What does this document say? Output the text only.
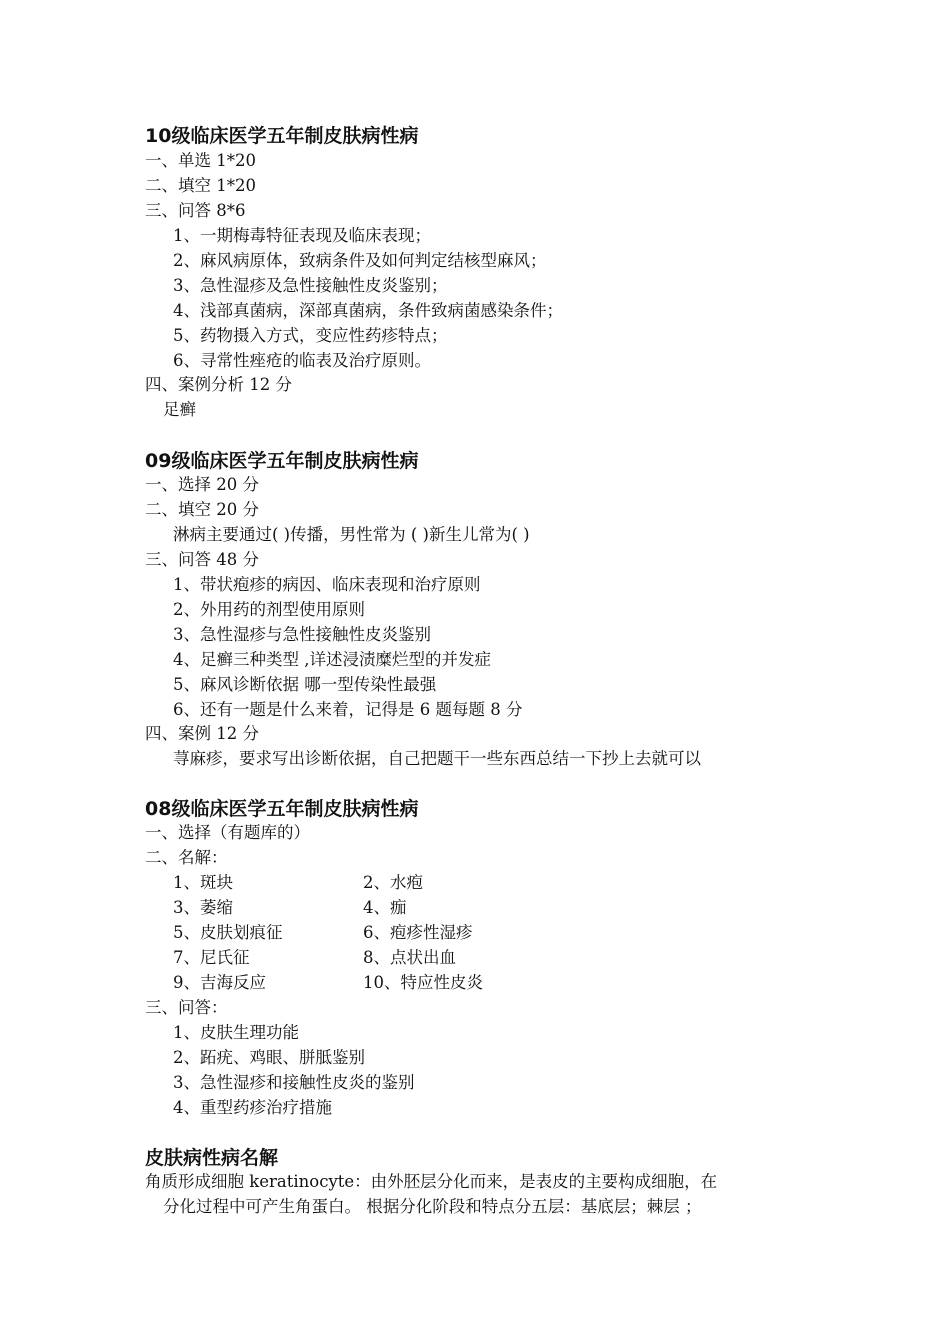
10级临床医学五年制皮肤病性病
一、单选 1*20
二、填空 1*20
三、问答 8*6
1、一期梅毒特征表现及临床表现；
2、麻风病原体，致病条件及如何判定结核型麻风；
3、急性湿疹及急性接触性皮炎鉴别；
4、浅部真菌病，深部真菌病，条件致病菌感染条件；
5、药物摄入方式，变应性药疹特点；
6、寻常性痤疮的临表及治疗原则。
四、案例分析 12 分
足癣
09级临床医学五年制皮肤病性病
一、选择 20 分
二、填空 20 分
淋病主要通过( )传播，男性常为 ( )新生儿常为( )
三、问答 48 分
1、带状疱疹的病因、临床表现和治疗原则
2、外用药的剂型使用原则
3、急性湿疹与急性接触性皮炎鉴别
4、足癣三种类型 ,详述浸渍糜烂型的并发症
5、麻风诊断依据 哪一型传染性最强
6、还有一题是什么来着，记得是 6 题每题 8 分
四、案例 12 分
荨麻疹，要求写出诊断依据，自己把题干一些东西总结一下抄上去就可以
08级临床医学五年制皮肤病性病
一、选择（有题库的）
二、名解：
1、斑块	2、水疱
3、萎缩	4、痂
5、皮肤划痕征	6、疱疹性湿疹
7、尼氏征	8、点状出血
9、吉海反应	10、特应性皮炎
三、问答：
1、皮肤生理功能
2、跖疣、鸡眼、胼胝鉴别
3、急性湿疹和接触性皮炎的鉴别
4、重型药疹治疗措施
皮肤病性病名解
角质形成细胞 keratinocyte：由外胚层分化而来，是表皮的主要构成细胞，在
分化过程中可产生角蛋白。 根据分化阶段和特点分五层：基底层；棘层 ；
